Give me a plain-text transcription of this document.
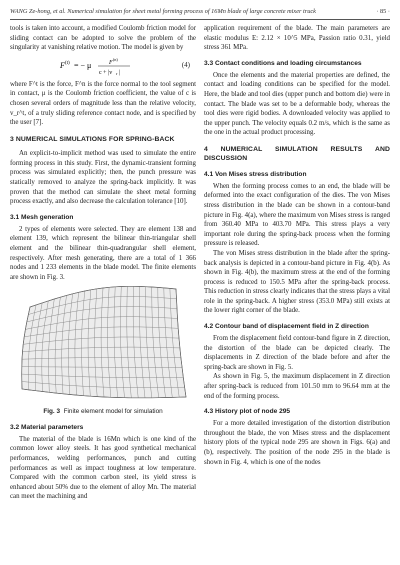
WANG Ze-hong, et al. Numerical simulation for sheet metal forming process of 16Mn blade of large concrete mixer truck	· 85 ·

tools is taken into account, a modified Coulomb friction model for sliding contact can be adopted to solve the problem of the singularity at vanishing relative motion. The model is given by

F (t) = − μ	F
(n)
c + |v r |
(4)

where F^t is the force, F^n is the force normal to the tool segment in contact, μ is the Coulomb friction coefficient, the value of c is chosen several orders of magnitude less than the relative velocity, v_r^t, of a truly sliding reference contact node, and is specified by the user [7].

3 NUMERICAL SIMULATIONS FOR SPRING-BACK

An explicit-to-implicit method was used to simulate the entire forming process in this study. First, the dynamic-transient forming process was simulated explicitly; then, the punch pressure was statically removed to analyze the spring-back implicitly. It was proven that the method can simulate the sheet metal forming process exactly, and also decrease the calculation tolerance [10].

3.1 Mesh generation

2 types of elements were selected. They are element 138 and element 139, which represent the bilinear thin-triangular shell element and the bilinear thin-quadrangular shell element, respectively. After mesh generating, there are a total of 1 366 nodes and 1 233 elements in the blade model. The finite elements are shown in Fig. 3.

Fig. 3 Finite element model for simulation
3.2 Material parameters

The material of the blade is 16Mn which is one kind of the common lower alloy steels. It has good synthetical mechanical performances, welding performances, punch and cutting performances as well as impact toughness at low temperature. Compared with the common carbon steel, its yield stress is enhanced about 50% due to the element of alloy Mn. The material can meet the machining and

application requirement of the blade. The main parameters are elastic modulus E: 2.12 × 10^5 MPa, Passion ratio 0.31, yield stress 361 MPa.

3.3 Contact conditions and loading circumstances

Once the elements and the material properties are defined, the contact and loading conditions can be specified for the model. Here, the blade and tool dies (upper punch and bottom die) were in contact. The blade was set to be a deformable body, whereas the tool dies were rigid bodies. A downloaded velocity was applied to the upper punch. The velocity equals 0.2 m/s, which is the same as the one in the actual product processing.

4 NUMERICAL SIMULATION RESULTS AND DISCUSSION
4.1 Von Mises stress distribution

When the forming process comes to an end, the blade will be deformed into the exact configuration of the dies. The von Mises stress distribution in the blade can be shown in a contour-band picture in Fig. 4(a), where the maximum von Mises stress is ranged from 360.40 MPa to 403.70 MPa. This stress plays a very important role during the spring-back process when the forming pressure is released.

The von Mises stress distribution in the blade after the spring-back analysis is depicted in a contour-band picture in Fig. 4(b). As shown in Fig. 4(b), the maximum stress at the end of the forming process is reduced to 150.5 MPa after the spring-back process. This reduction in stress clearly indicates that the stress plays a vital role in the spring-back. A higher stress (353.0 MPa) still exists at the lower right corner of the blade.

4.2 Contour band of displacement field in Z direction

From the displacement field contour-band figure in Z direction, the distortion of the blade can be depicted clearly. The displacements in Z direction of the blade before and after the spring-back are shown in Fig. 5.

As shown in Fig. 5, the maximum displacement in Z direction after spring-back is reduced from 101.50 mm to 96.64 mm at the end of the forming process.

4.3 History plot of node 295

For a more detailed investigation of the distortion distribution throughout the blade, the von Mises stress and the displacement history plots of the typical node 295 are shown in Figs. 6(a) and (b), respectively. The position of the node 295 in the blade is shown in Fig. 4, which is one of the nodes
